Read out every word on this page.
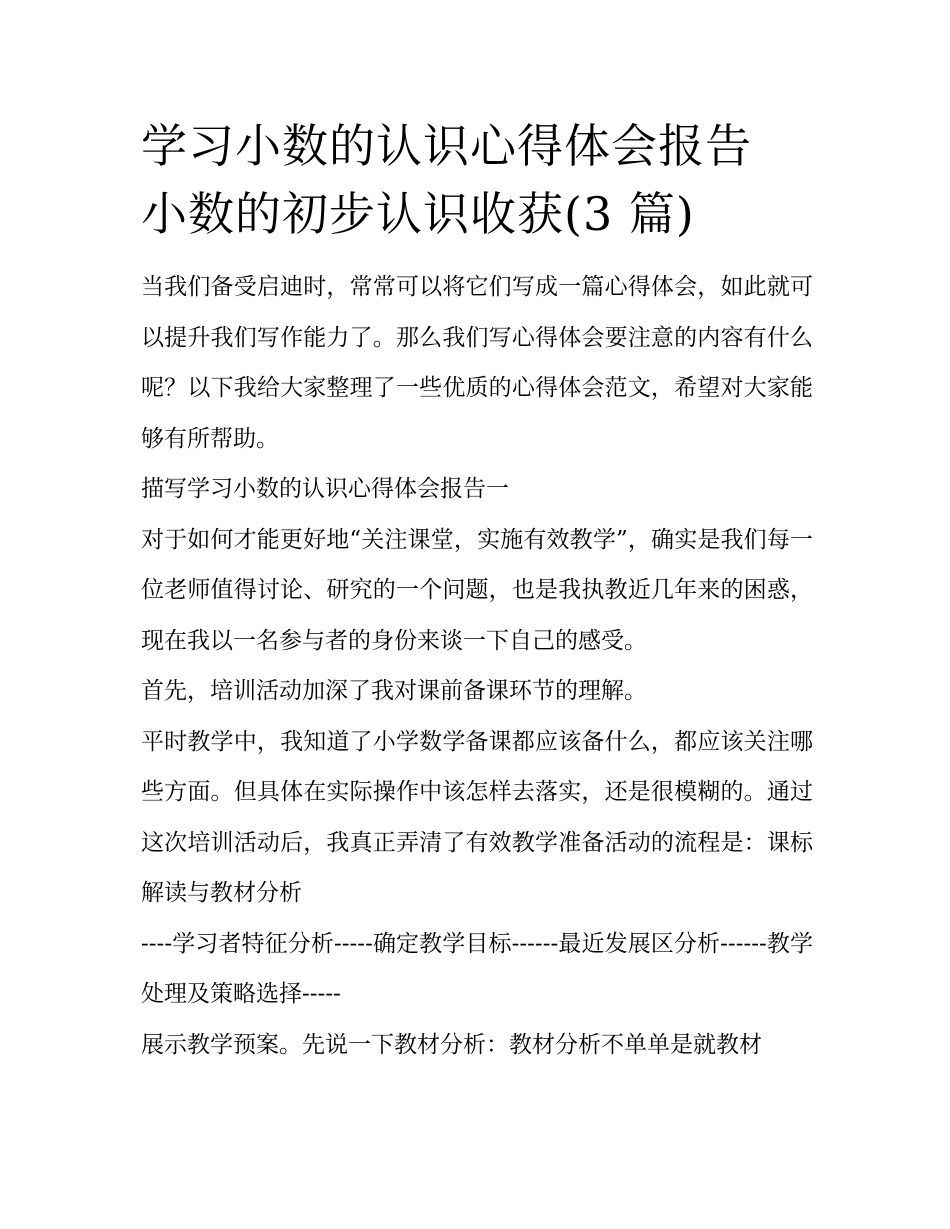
学习小数的认识心得体会报告
小数的初步认识收获(3 篇)

当我们备受启迪时，常常可以将它们写成一篇心得体会，如此就可以提升我们写作能力了。那么我们写心得体会要注意的内容有什么呢？以下我给大家整理了一些优质的心得体会范文，希望对大家能够有所帮助。

描写学习小数的认识心得体会报告一

对于如何才能更好地“关注课堂，实施有效教学”，确实是我们每一位老师值得讨论、研究的一个问题，也是我执教近几年来的困惑，现在我以一名参与者的身份来谈一下自己的感受。

首先，培训活动加深了我对课前备课环节的理解。

平时教学中，我知道了小学数学备课都应该备什么，都应该关注哪些方面。但具体在实际操作中该怎样去落实，还是很模糊的。通过这次培训活动后，我真正弄清了有效教学准备活动的流程是：课标解读与教材分析

----学习者特征分析-----确定教学目标------最近发展区分析------教学处理及策略选择-----

展示教学预案。先说一下教材分析：教材分析不单单是就教材
